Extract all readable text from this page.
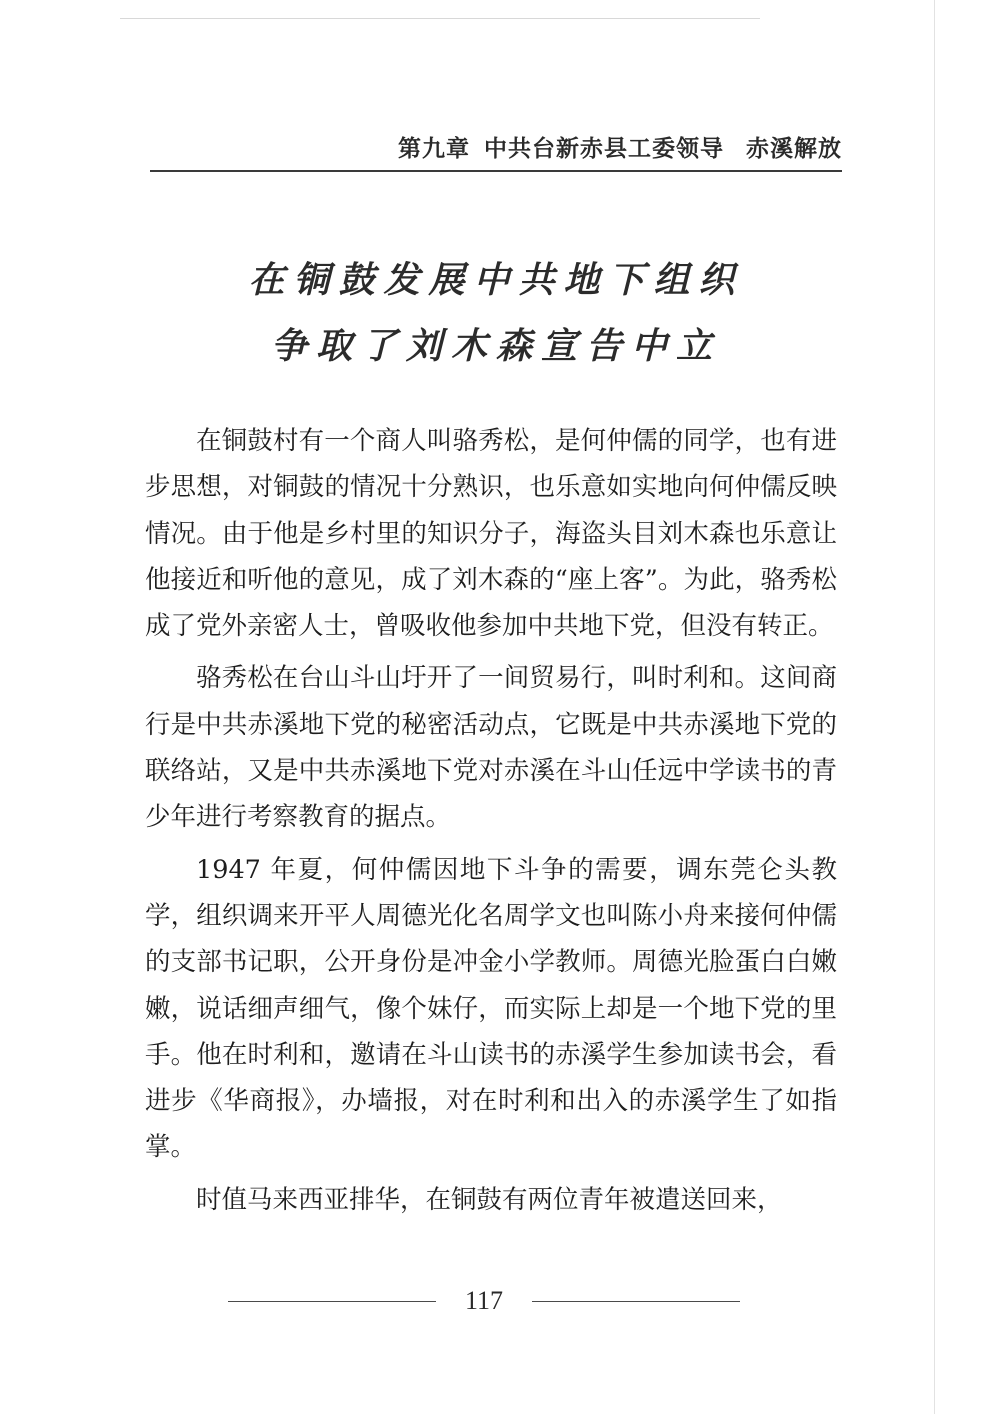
第九章 中共台新赤县工委领导 赤溪解放
在铜鼓发展中共地下组织
争取了刘木森宣告中立

在铜鼓村有一个商人叫骆秀松，是何仲儒的同学，也有进步思想，对铜鼓的情况十分熟识，也乐意如实地向何仲儒反映情况。由于他是乡村里的知识分子，海盗头目刘木森也乐意让他接近和听他的意见，成了刘木森的“座上客”。为此，骆秀松成了党外亲密人士，曾吸收他参加中共地下党，但没有转正。

骆秀松在台山斗山圩开了一间贸易行，叫时利和。这间商行是中共赤溪地下党的秘密活动点，它既是中共赤溪地下党的联络站，又是中共赤溪地下党对赤溪在斗山任远中学读书的青少年进行考察教育的据点。

1947 年夏，何仲儒因地下斗争的需要，调东莞仑头教学，组织调来开平人周德光化名周学文也叫陈小舟来接何仲儒的支部书记职，公开身份是冲金小学教师。周德光脸蛋白白嫩嫩，说话细声细气，像个妹仔，而实际上却是一个地下党的里手。他在时利和，邀请在斗山读书的赤溪学生参加读书会，看进步《华商报》，办墙报，对在时利和出入的赤溪学生了如指掌。

时值马来西亚排华，在铜鼓有两位青年被遣送回来，

117
